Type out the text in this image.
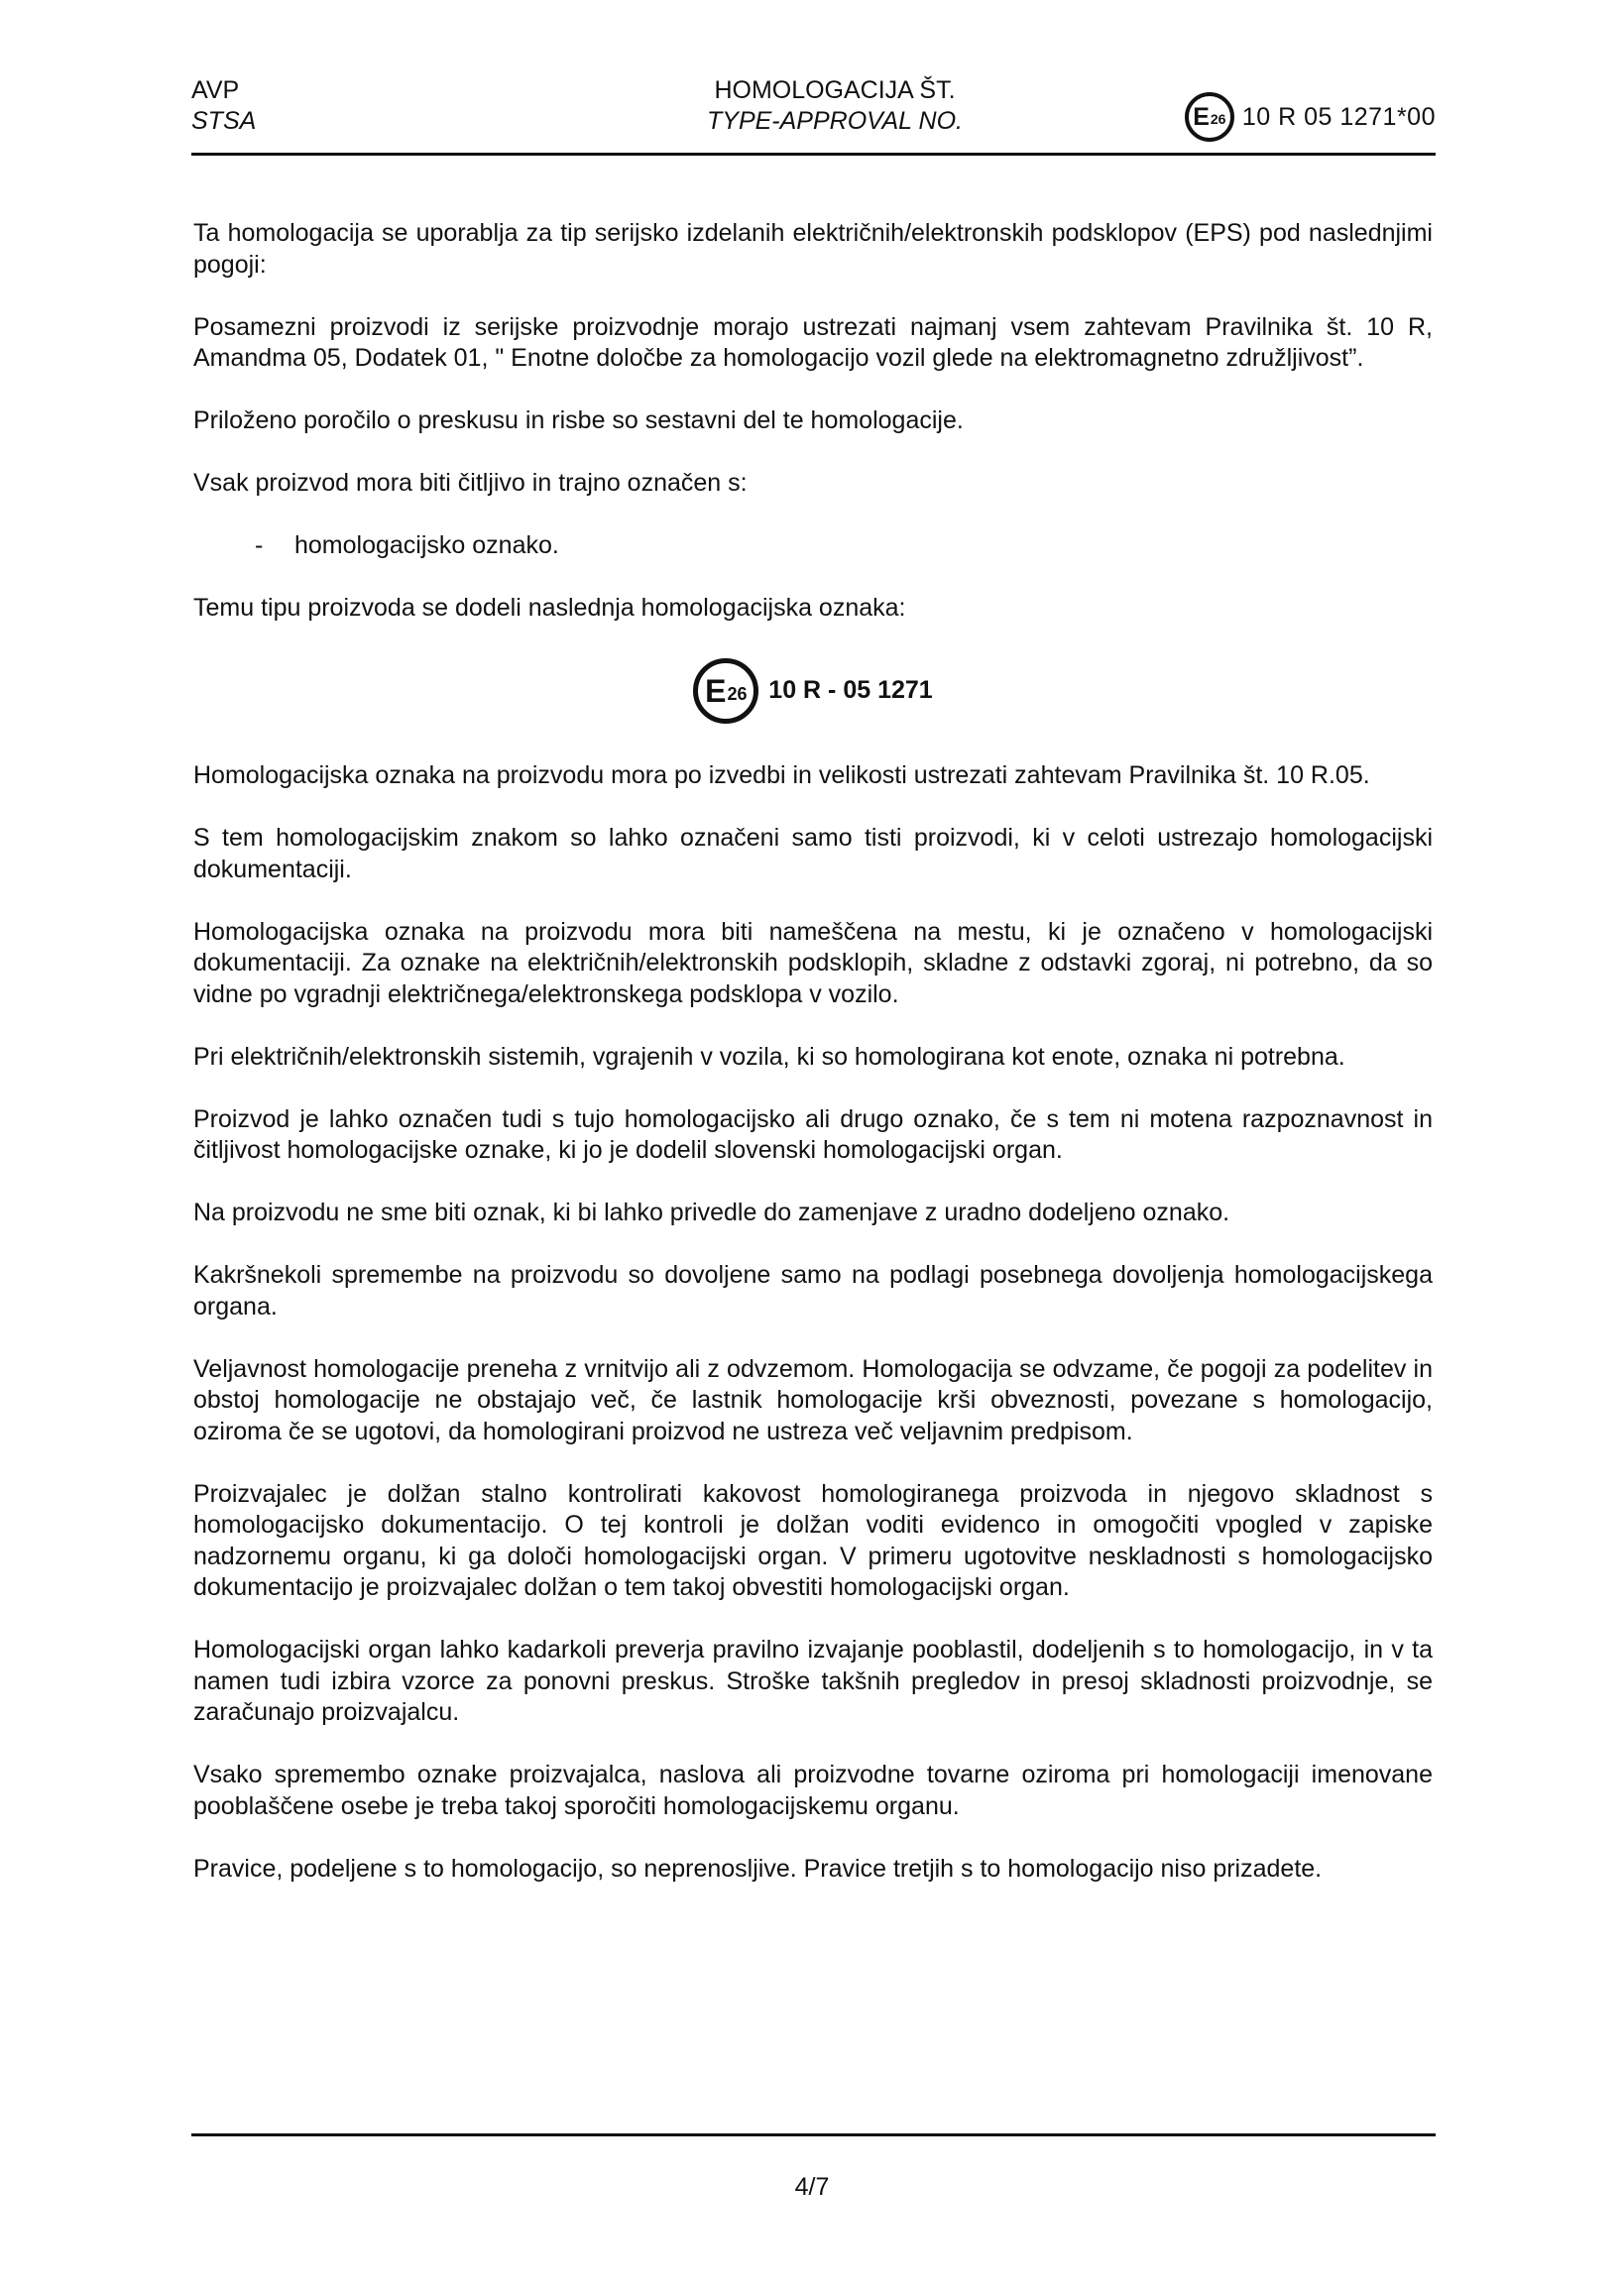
AVP
STSA
HOMOLOGACIJA ŠT.
TYPE-APPROVAL NO.	E 26 10 R 05 1271*00

Ta homologacija se uporablja za tip serijsko izdelanih električnih/elektronskih podsklopov (EPS) pod naslednjimi pogoji:

Posamezni proizvodi iz serijske proizvodnje morajo ustrezati najmanj vsem zahtevam Pravilnika št. 10 R, Amandma 05, Dodatek 01, " Enotne določbe za homologacijo vozil glede na elektromagnetno združljivost”.

Priloženo poročilo o preskusu in risbe so sestavni del te homologacije.

Vsak proizvod mora biti čitljivo in trajno označen s:

-	homologacijsko oznako.

Temu tipu proizvoda se dodeli naslednja homologacijska oznaka:

E 26 10 R - 05 1271

Homologacijska oznaka na proizvodu mora po izvedbi in velikosti ustrezati zahtevam Pravilnika št. 10 R.05.

S tem homologacijskim znakom so lahko označeni samo tisti proizvodi, ki v celoti ustrezajo homologacijski dokumentaciji.

Homologacijska oznaka na proizvodu mora biti nameščena na mestu, ki je označeno v homologacijski dokumentaciji. Za oznake na električnih/elektronskih podsklopih, skladne z odstavki zgoraj, ni potrebno, da so vidne po vgradnji električnega/elektronskega podsklopa v vozilo.

Pri električnih/elektronskih sistemih, vgrajenih v vozila, ki so homologirana kot enote, oznaka ni potrebna.

Proizvod je lahko označen tudi s tujo homologacijsko ali drugo oznako, če s tem ni motena razpoznavnost in čitljivost homologacijske oznake, ki jo je dodelil slovenski homologacijski organ.

Na proizvodu ne sme biti oznak, ki bi lahko privedle do zamenjave z uradno dodeljeno oznako.

Kakršnekoli spremembe na proizvodu so dovoljene samo na podlagi posebnega dovoljenja homologacijskega organa.

Veljavnost homologacije preneha z vrnitvijo ali z odvzemom. Homologacija se odvzame, če pogoji za podelitev in obstoj homologacije ne obstajajo več, če lastnik homologacije krši obveznosti, povezane s homologacijo, oziroma če se ugotovi, da homologirani proizvod ne ustreza več veljavnim predpisom.

Proizvajalec je dolžan stalno kontrolirati kakovost homologiranega proizvoda in njegovo skladnost s homologacijsko dokumentacijo. O tej kontroli je dolžan voditi evidenco in omogočiti vpogled v zapiske nadzornemu organu, ki ga določi homologacijski organ. V primeru ugotovitve neskladnosti s homologacijsko dokumentacijo je proizvajalec dolžan o tem takoj obvestiti homologacijski organ.

Homologacijski organ lahko kadarkoli preverja pravilno izvajanje pooblastil, dodeljenih s to homologacijo, in v ta namen tudi izbira vzorce za ponovni preskus. Stroške takšnih pregledov in presoj skladnosti proizvodnje, se zaračunajo proizvajalcu.

Vsako spremembo oznake proizvajalca, naslova ali proizvodne tovarne oziroma pri homologaciji imenovane pooblaščene osebe je treba takoj sporočiti homologacijskemu organu.

Pravice, podeljene s to homologacijo, so neprenosljive. Pravice tretjih s to homologacijo niso prizadete.

4/7
